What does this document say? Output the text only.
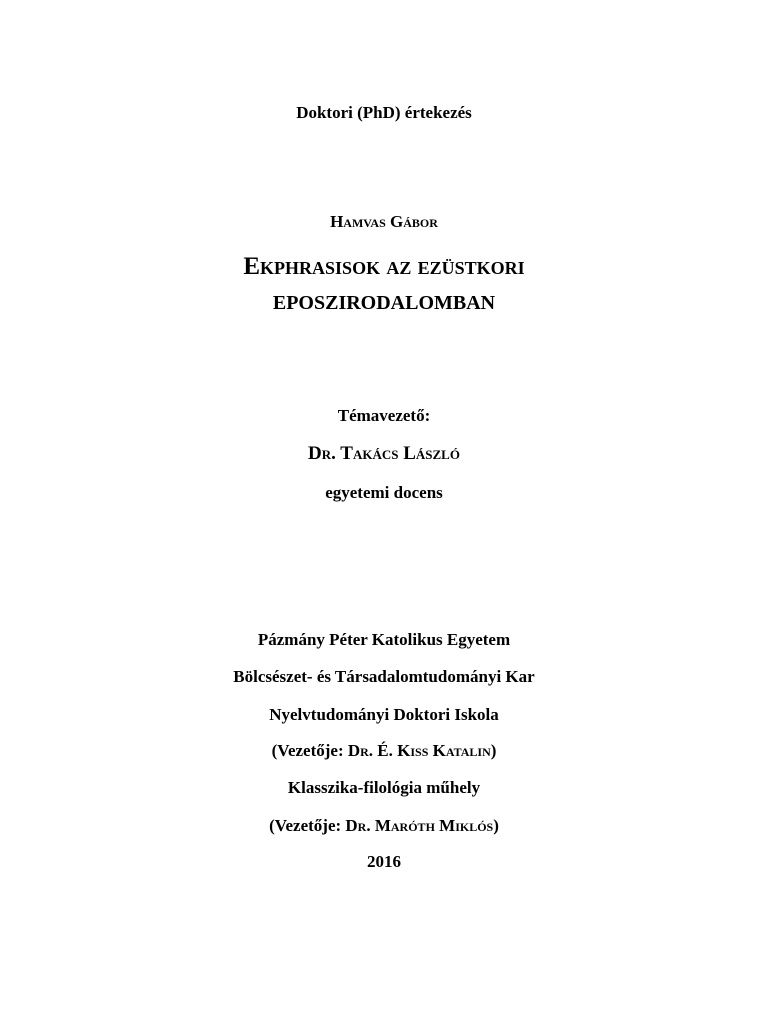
Doktori (PhD) értekezés
Hamvas Gábor
Ekphrasisok az ezüstkori
EPOSZIRODALOMBAN
Témavezető:
Dr. Takács László
egyetemi docens
Pázmány Péter Katolikus Egyetem
Bölcsészet- és Társadalomtudományi Kar
Nyelvtudományi Doktori Iskola
(Vezetője: Dr. É. Kiss Katalin)
Klasszika-filológia műhely
(Vezetője: Dr. Maróth Miklós)
2016
